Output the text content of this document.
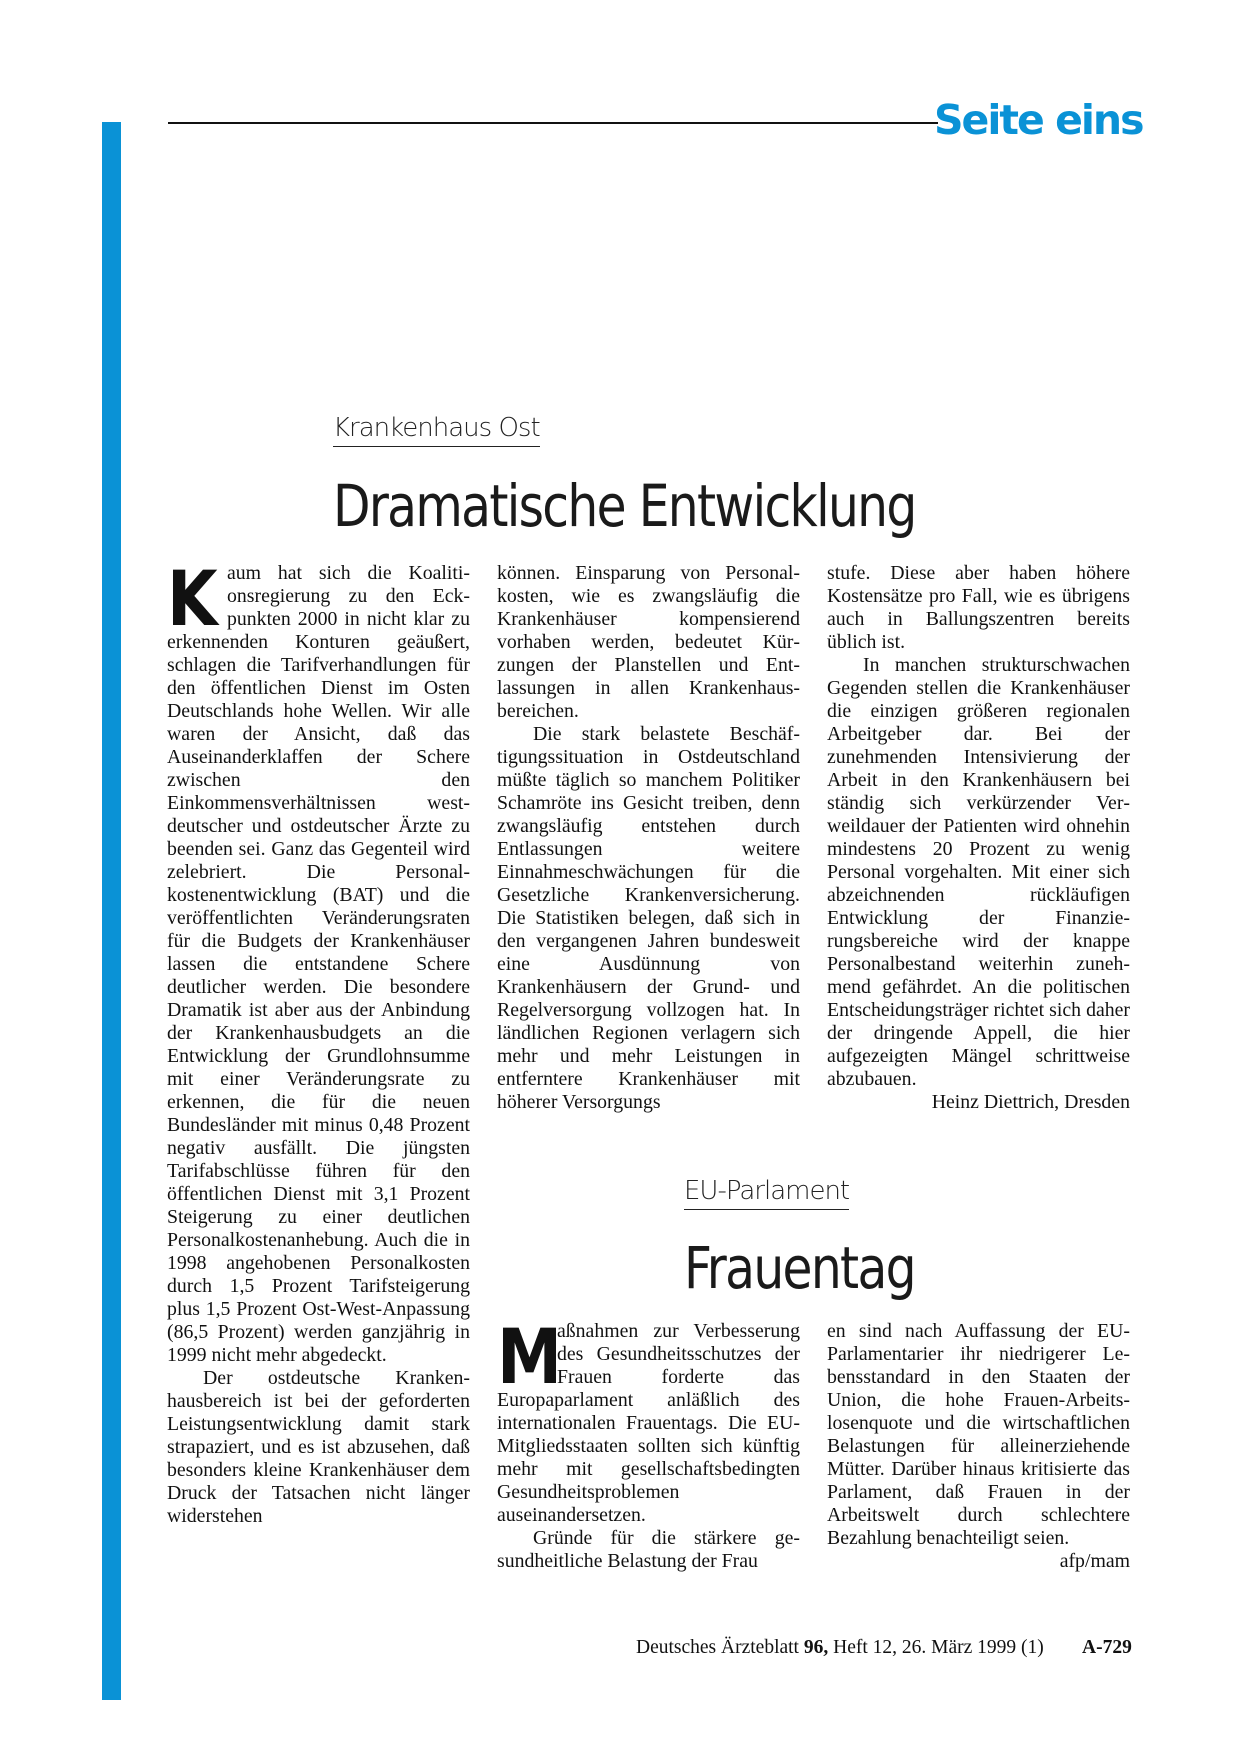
Seite eins
Krankenhaus Ost
Dramatische Entwicklung

Kaum hat sich die Koalitionsregierung zu den Eckpunkten 2000 in nicht klar zu erkennenden Konturen geäußert, schlagen die Tarifverhandlungen für den öffentlichen Dienst im Osten Deutschlands hohe Wellen. Wir alle waren der Ansicht, daß das Auseinanderklaffen der Schere zwischen den Einkommensverhältnissen westdeutscher und ostdeutscher Ärzte zu beenden sei. Ganz das Gegenteil wird zelebriert. Die Personalkostenentwicklung (BAT) und die veröffentlichten Veränderungsraten für die Budgets der Krankenhäuser lassen die entstandene Schere deutlicher werden. Die besondere Dramatik ist aber aus der Anbindung der Krankenhausbudgets an die Entwicklung der Grundlohnsumme mit einer Veränderungsrate zu erkennen, die für die neuen Bundesländer mit minus 0,48 Prozent negativ ausfällt. Die jüngsten Tarifabschlüsse führen für den öffentlichen Dienst mit 3,1 Prozent Steigerung zu einer deutlichen Personalkostenanhebung. Auch die in 1998 angehobenen Personalkosten durch 1,5 Prozent Tarifsteigerung plus 1,5 Prozent Ost-West-Anpassung (86,5 Prozent) werden ganzjährig in 1999 nicht mehr abgedeckt.

Der ostdeutsche Krankenhausbereich ist bei der geforderten Leistungsentwicklung damit stark strapaziert, und es ist abzusehen, daß besonders kleine Krankenhäuser dem Druck der Tatsachen nicht länger widerstehen

können. Einsparung von Personalkosten, wie es zwangsläufig die Krankenhäuser kompensierend vorhaben werden, bedeutet Kürzungen der Planstellen und Entlassungen in allen Krankenhausbereichen.

Die stark belastete Beschäftigungssituation in Ostdeutschland müßte täglich so manchem Politiker Schamröte ins Gesicht treiben, denn zwangsläufig entstehen durch Entlassungen weitere Einnahmeschwächungen für die Gesetzliche Krankenversicherung. Die Statistiken belegen, daß sich in den vergangenen Jahren bundesweit eine Ausdünnung von Krankenhäusern der Grund- und Regelversorgung vollzogen hat. In ländlichen Regionen verlagern sich mehr und mehr Leistungen in entferntere Krankenhäuser mit höherer Versorgungs

stufe. Diese aber haben höhere Kostensätze pro Fall, wie es übrigens auch in Ballungszentren bereits üblich ist.

In manchen strukturschwachen Gegenden stellen die Krankenhäuser die einzigen größeren regionalen Arbeitgeber dar. Bei der zunehmenden Intensivierung der Arbeit in den Krankenhäusern bei ständig sich verkürzender Verweildauer der Patienten wird ohnehin mindestens 20 Prozent zu wenig Personal vorgehalten. Mit einer sich abzeichnenden rückläufigen Entwicklung der Finanzierungsbereiche wird der knappe Personalbestand weiterhin zunehmend gefährdet. An die politischen Entscheidungsträger richtet sich daher der dringende Appell, die hier aufgezeigten Mängel schrittweise abzubauen.

Heinz Diettrich, Dresden

EU-Parlament
Frauentag

M
aßnahmen zur Verbesserung des Gesundheitsschutzes der Frauen forderte das Europaparlament anläßlich des internationalen Frauentags. Die EU-Mitgliedsstaaten sollten sich künftig mehr mit gesellschaftsbedingten Gesundheitsproblemen auseinandersetzen.

Gründe für die stärkere gesundheitliche Belastung der Frau

en sind nach Auffassung der EU-Parlamentarier ihr niedrigerer Lebensstandard in den Staaten der Union, die hohe Frauen-Arbeitslosenquote und die wirtschaftlichen Belastungen für alleinerziehende Mütter. Darüber hinaus kritisierte das Parlament, daß Frauen in der Arbeitswelt durch schlechtere Bezahlung benachteiligt seien.
afp/mam

Deutsches Ärzteblatt 96, Heft 12, 26. März 1999 (1) A-729
